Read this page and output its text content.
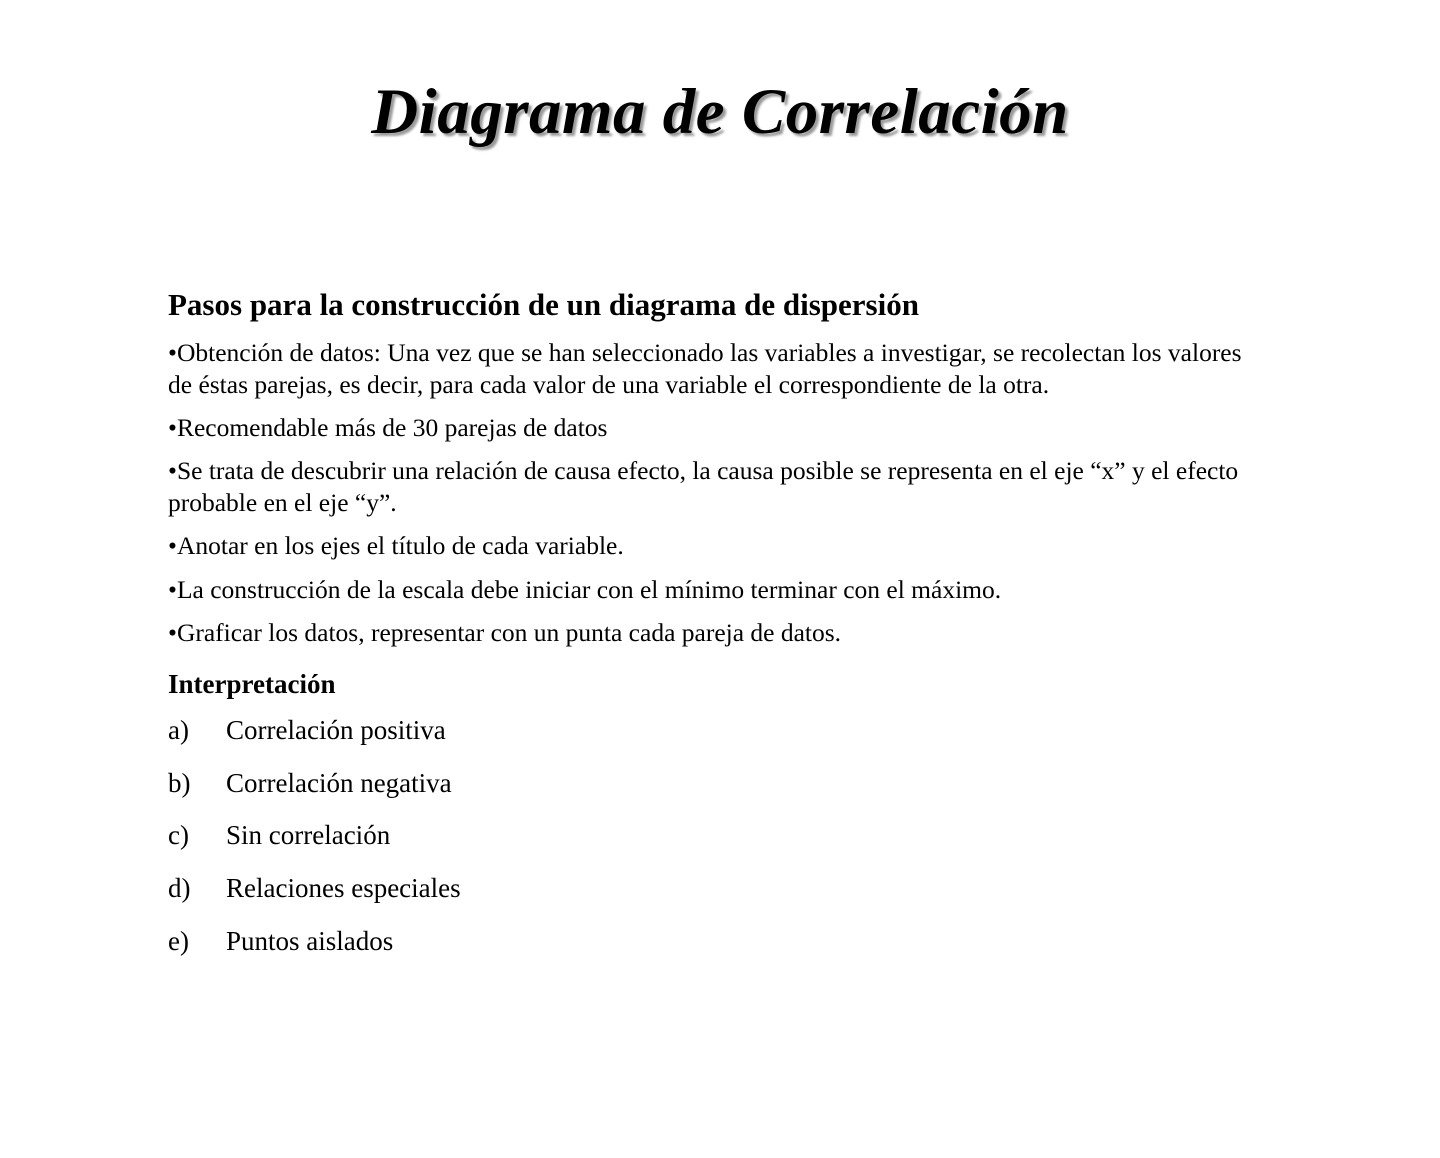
Diagrama de Correlación
Pasos para la construcción de un diagrama de dispersión

•Obtención de datos: Una vez que se han seleccionado las variables a investigar, se recolectan los valores de éstas parejas, es decir, para cada valor de una variable el correspondiente de la otra.

•Recomendable más de 30 parejas de datos

•Se trata de descubrir una relación de causa efecto, la causa posible se representa en el eje “x” y el efecto probable en el eje “y”.

•Anotar en los ejes el título de cada variable.

•La construcción de la escala debe iniciar con el mínimo terminar con el máximo.

•Graficar los datos, representar con un punta cada pareja de datos.

Interpretación
a)	Correlación positiva
b)	Correlación negativa
c)	Sin correlación
d)	Relaciones especiales
e)	Puntos aislados
